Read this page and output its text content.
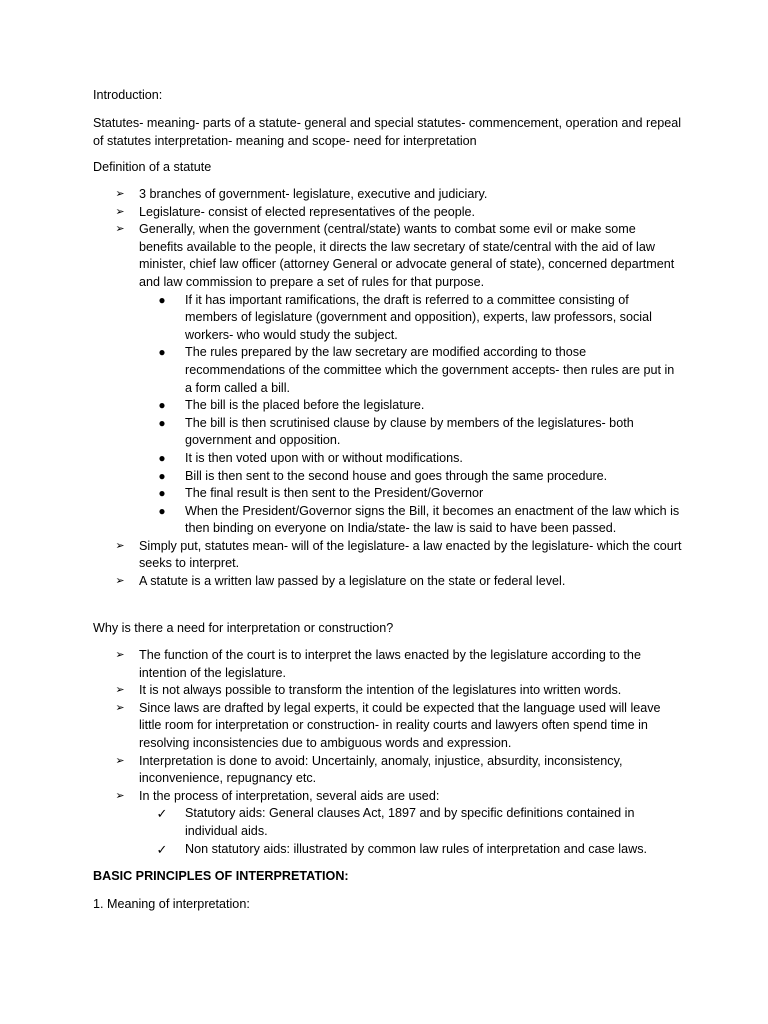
Introduction:

Statutes- meaning- parts of a statute- general and special statutes- commencement, operation and repeal of statutes interpretation- meaning and scope- need for interpretation

Definition of a statute

➢ 3 branches of government- legislature, executive and judiciary.
➢ Legislature- consist of elected representatives of the people.
➢ Generally, when the government (central/state) wants to combat some evil or make some benefits available to the people, it directs the law secretary of state/central with the aid of law minister, chief law officer (attorney General or advocate general of state), concerned department and law commission to prepare a set of rules for that purpose.
● If it has important ramifications, the draft is referred to a committee consisting of members of legislature (government and opposition), experts, law professors, social workers- who would study the subject.
● The rules prepared by the law secretary are modified according to those recommendations of the committee which the government accepts- then rules are put in a form called a bill.
● The bill is the placed before the legislature.
● The bill is then scrutinised clause by clause by members of the legislatures- both government and opposition.
● It is then voted upon with or without modifications.
● Bill is then sent to the second house and goes through the same procedure.
● The final result is then sent to the President/Governor
● When the President/Governor signs the Bill, it becomes an enactment of the law which is then binding on everyone on India/state- the law is said to have been passed.
➢ Simply put, statutes mean- will of the legislature- a law enacted by the legislature- which the court seeks to interpret.
➢ A statute is a written law passed by a legislature on the state or federal level.

Why is there a need for interpretation or construction?

➢ The function of the court is to interpret the laws enacted by the legislature according to the intention of the legislature.
➢ It is not always possible to transform the intention of the legislatures into written words.
➢ Since laws are drafted by legal experts, it could be expected that the language used will leave little room for interpretation or construction- in reality courts and lawyers often spend time in resolving inconsistencies due to ambiguous words and expression.
➢ Interpretation is done to avoid: Uncertainly, anomaly, injustice, absurdity, inconsistency, inconvenience, repugnancy etc.
➢ In the process of interpretation, several aids are used:
✓ Statutory aids: General clauses Act, 1897 and by specific definitions contained in individual aids.
✓ Non statutory aids: illustrated by common law rules of interpretation and case laws.

BASIC PRINCIPLES OF INTERPRETATION:

1. Meaning of interpretation:
